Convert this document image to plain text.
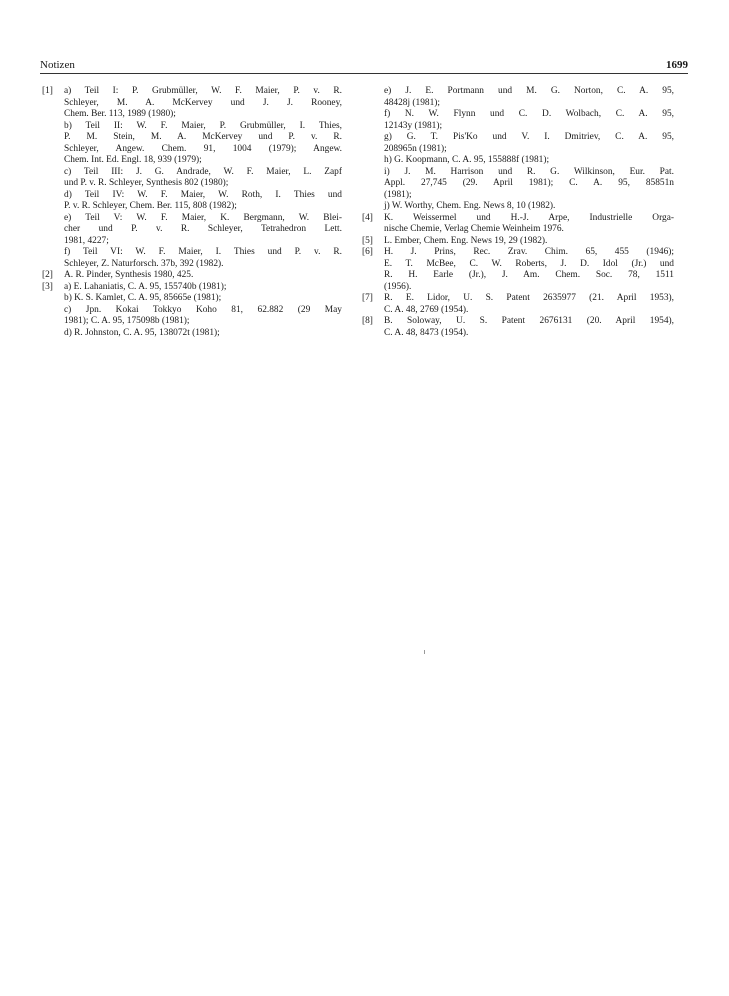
Notizen	1699
[1]	a) Teil I: P. Grubmüller, W. F. Maier, P. v. R.
Schleyer, M. A. McKervey und J. J. Rooney,
Chem. Ber. 113, 1989 (1980);
b) Teil II: W. F. Maier, P. Grubmüller, I. Thies,
P. M. Stein, M. A. McKervey und P. v. R.
Schleyer, Angew. Chem. 91, 1004 (1979); Angew.
Chem. Int. Ed. Engl. 18, 939 (1979);
c) Teil III: J. G. Andrade, W. F. Maier, L. Zapf
und P. v. R. Schleyer, Synthesis 802 (1980);
d) Teil IV: W. F. Maier, W. Roth, I. Thies und
P. v. R. Schleyer, Chem. Ber. 115, 808 (1982);
e) Teil V: W. F. Maier, K. Bergmann, W. Blei-
cher und P. v. R. Schleyer, Tetrahedron Lett.
1981, 4227;
f) Teil VI: W. F. Maier, I. Thies und P. v. R.
Schleyer, Z. Naturforsch. 37b, 392 (1982).
[2]	A. R. Pinder, Synthesis 1980, 425.
[3]	a) E. Lahaniatis, C. A. 95, 155740b (1981);
b) K. S. Kamlet, C. A. 95, 85665e (1981);
c) Jpn. Kokai Tokkyo Koho 81, 62.882 (29 May
1981); C. A. 95, 175098b (1981);
d) R. Johnston, C. A. 95, 138072t (1981);
e) J. E. Portmann und M. G. Norton, C. A. 95,
48428j (1981);
f) N. W. Flynn und C. D. Wolbach, C. A. 95,
12143y (1981);
g) G. T. Pis'Ko und V. I. Dmitriev, C. A. 95,
208965n (1981);
h) G. Koopmann, C. A. 95, 155888f (1981);
i) J. M. Harrison und R. G. Wilkinson, Eur. Pat.
Appl. 27,745 (29. April 1981); C. A. 95, 85851n
(1981);
j) W. Worthy, Chem. Eng. News 8, 10 (1982).
[4]	K. Weissermel und H.-J. Arpe, Industrielle Orga-
nische Chemie, Verlag Chemie Weinheim 1976.
[5]	L. Ember, Chem. Eng. News 19, 29 (1982).
[6]	H. J. Prins, Rec. Zrav. Chim. 65, 455 (1946);
E. T. McBee, C. W. Roberts, J. D. Idol (Jr.) und
R. H. Earle (Jr.), J. Am. Chem. Soc. 78, 1511
(1956).
[7]	R. E. Lidor, U. S. Patent 2635977 (21. April 1953),
C. A. 48, 2769 (1954).
[8]	B. Soloway, U. S. Patent 2676131 (20. April 1954),
C. A. 48, 8473 (1954).
